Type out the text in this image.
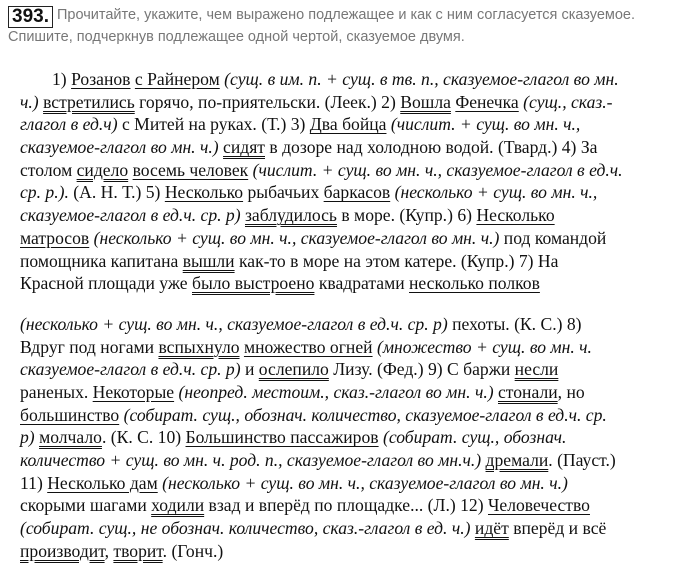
393. Прочитайте, укажите, чем выражено подлежащее и как с ним согласуется сказуемое.
Спишите, подчеркнув подлежащее одной чертой, сказуемое двумя.
1) Розанов с Райнером (сущ. в им. п. + сущ. в тв. п., сказуемое-глагол во мн.
ч.) встретились горячо, по-приятельски. (Леек.) 2) Вошла Фенечка (сущ., сказ.-
глагол в ед.ч) с Митей на руках. (Т.) 3) Два бойца (числит. + сущ. во мн. ч.,
сказуемое-глагол во мн. ч.) сидят в дозоре над холодною водой. (Твард.) 4) За
столом сидело восемь человек (числит. + сущ. во мн. ч., сказуемое-глагол в ед.ч.
ср. р.). (А. Н. Т.) 5) Несколько рыбачьих баркасов (несколько + сущ. во мн. ч.,
сказуемое-глагол в ед.ч. ср. р) заблудилось в море. (Купр.) 6) Несколько
матросов (несколько + сущ. во мн. ч., сказуемое-глагол во мн. ч.) под командой
помощника капитана вышли как-то в море на этом катере. (Купр.) 7) На
Красной площади уже было выстроено квадратами несколько полков
(несколько + сущ. во мн. ч., сказуемое-глагол в ед.ч. ср. р) пехоты. (К. С.) 8)
Вдруг под ногами вспыхнуло множество огней (множество + сущ. во мн. ч.
сказуемое-глагол в ед.ч. ср. р) и ослепило Лизу. (Фед.) 9) С баржи несли
раненых. Некоторые (неопред. местоим., сказ.-глагол во мн. ч.) стонали, но
большинство (собират. сущ., обознач. количество, сказуемое-глагол в ед.ч. ср.
р) молчало. (К. С. 10) Большинство пассажиров (собират. сущ., обознач.
количество + сущ. во мн. ч. род. п., сказуемое-глагол во мн.ч.) дремали. (Пауст.)
11) Несколько дам (несколько + сущ. во мн. ч., сказуемое-глагол во мн. ч.)
скорыми шагами ходили взад и вперёд по площадке... (Л.) 12) Человечество
(собират. сущ., не обознач. количество, сказ.-глагол в ед. ч.) идёт вперёд и всё
производит, творит. (Гонч.)
